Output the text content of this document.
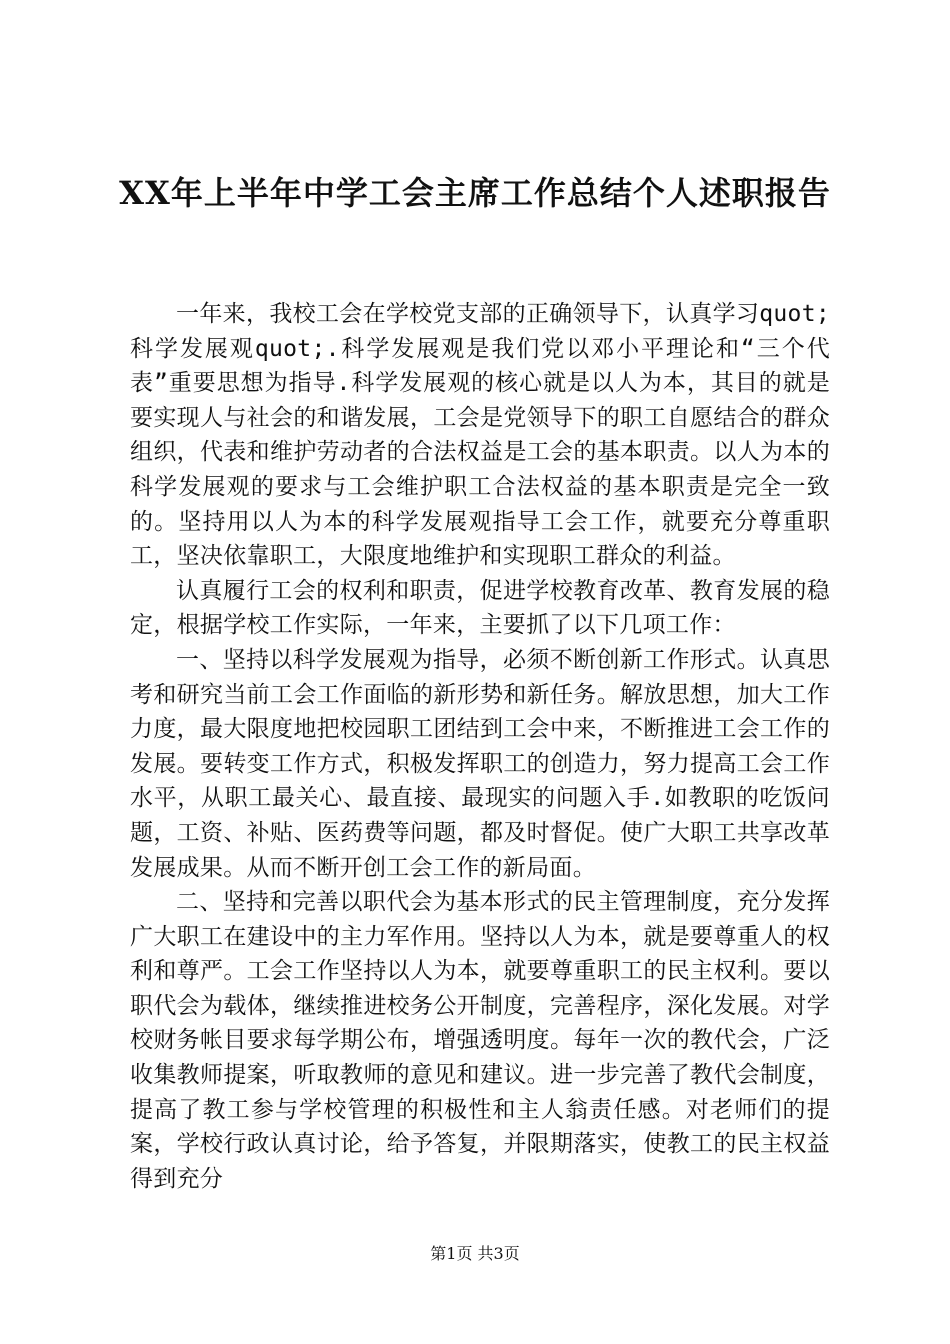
XX年上半年中学工会主席工作总结个人述职报告

一年来，我校工会在学校党支部的正确领导下，认真学习quot;科学发展观quot;.科学发展观是我们党以邓小平理论和“三个代表”重要思想为指导.科学发展观的核心就是以人为本，其目的就是要实现人与社会的和谐发展，工会是党领导下的职工自愿结合的群众组织，代表和维护劳动者的合法权益是工会的基本职责。以人为本的科学发展观的要求与工会维护职工合法权益的基本职责是完全一致的。坚持用以人为本的科学发展观指导工会工作，就要充分尊重职工，坚决依靠职工，大限度地维护和实现职工群众的利益。

认真履行工会的权利和职责，促进学校教育改革、教育发展的稳定，根据学校工作实际，一年来，主要抓了以下几项工作：

一、坚持以科学发展观为指导，必须不断创新工作形式。认真思考和研究当前工会工作面临的新形势和新任务。解放思想，加大工作力度，最大限度地把校园职工团结到工会中来，不断推进工会工作的发展。要转变工作方式，积极发挥职工的创造力，努力提高工会工作水平，从职工最关心、最直接、最现实的问题入手.如教职的吃饭问题，工资、补贴、医药费等问题，都及时督促。使广大职工共享改革发展成果。从而不断开创工会工作的新局面。

二、坚持和完善以职代会为基本形式的民主管理制度，充分发挥广大职工在建设中的主力军作用。坚持以人为本，就是要尊重人的权利和尊严。工会工作坚持以人为本，就要尊重职工的民主权利。要以职代会为载体，继续推进校务公开制度，完善程序，深化发展。对学校财务帐目要求每学期公布，增强透明度。每年一次的教代会，广泛收集教师提案，听取教师的意见和建议。进一步完善了教代会制度，提高了教工参与学校管理的积极性和主人翁责任感。对老师们的提案，学校行政认真讨论，给予答复，并限期落实，使教工的民主权益得到充分

第1页 共3页
